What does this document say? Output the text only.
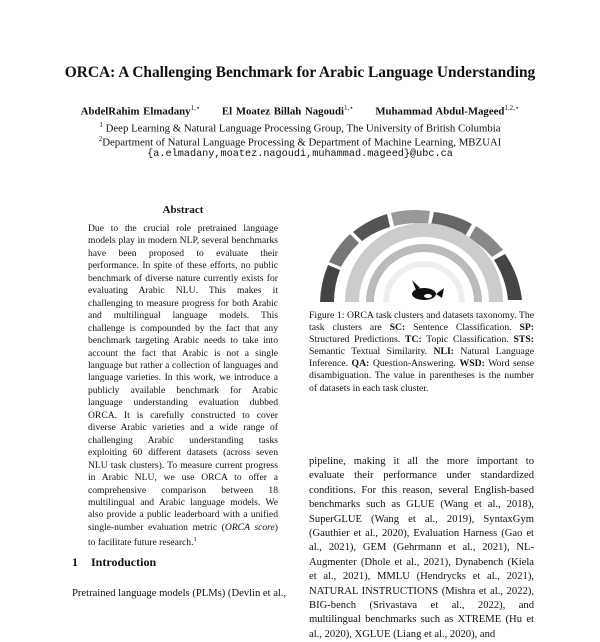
ORCA: A Challenging Benchmark for Arabic Language Understanding
AbdelRahim Elmadany$^{1,⋆}$ El Moatez Billah Nagoudi$^{1,⋆}$ Muhammad Abdul-Mageed$^{1,2,⋆}$
$^1$ Deep Learning & Natural Language Processing Group, The University of British Columbia
$^2$Department of Natural Language Processing & Department of Machine Learning, MBZUAI
{a.elmadany,moatez.nagoudi,muhammad.mageed}@ubc.ca
Abstract

Due to the crucial role pretrained language models play in modern NLP, several benchmarks have been proposed to evaluate their performance. In spite of these efforts, no public benchmark of diverse nature currently exists for evaluating Arabic NLU. This makes it challenging to measure progress for both Arabic and multilingual language models. This challenge is compounded by the fact that any benchmark targeting Arabic needs to take into account the fact that Arabic is not a single language but rather a collection of languages and language varieties. In this work, we introduce a publicly available benchmark for Arabic language understanding evaluation dubbed ORCA. It is carefully constructed to cover diverse Arabic varieties and a wide range of challenging Arabic understanding tasks exploiting 60 different datasets (across seven NLU task clusters). To measure current progress in Arabic NLU, we use ORCA to offer a comprehensive comparison between 18 multilingual and Arabic language models. We also provide a public leaderboard with a unified single-number evaluation metric (ORCA score) to facilitate future research.$^1$

1 Introduction
Pretrained language models (PLMs) (Devlin et al.,
Figure 1: ORCA task clusters and datasets taxonomy. The task clusters are SC: Sentence Classification. SP: Structured Predictions. TC: Topic Classification. STS: Semantic Textual Similarity. NLI: Natural Language Inference. QA: Question-Answering. WSD: Word sense disambiguation. The value in parentheses is the number of datasets in each task cluster.
pipeline, making it all the more important to evaluate their performance under standardized conditions. For this reason, several English-based benchmarks such as GLUE (Wang et al., 2018), SuperGLUE (Wang et al., 2019), SyntaxGym (Gauthier et al., 2020), Evaluation Harness (Gao et al., 2021), GEM (Gehrmann et al., 2021), NL-Augmenter (Dhole et al., 2021), Dynabench (Kiela et al., 2021), MMLU (Hendrycks et al., 2021), NATURAL INSTRUCTIONS (Mishra et al., 2022), BIG-bench (Srivastava et al., 2022), and multilingual benchmarks such as XTREME (Hu et al., 2020), XGLUE (Liang et al., 2020), and
